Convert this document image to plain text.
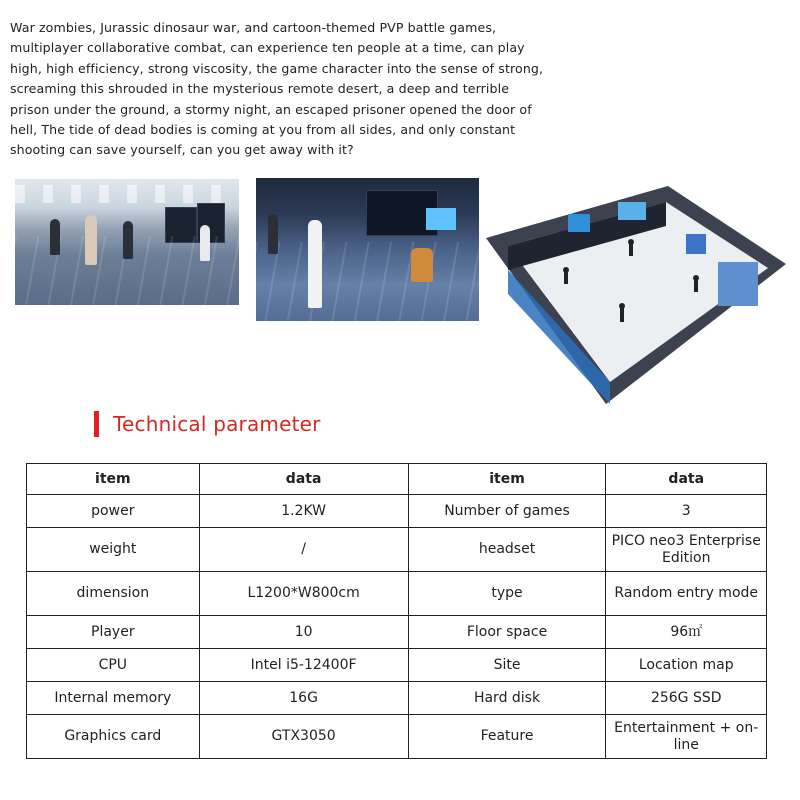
War zombies, Jurassic dinosaur war, and cartoon-themed PVP battle games,
multiplayer collaborative combat, can experience ten people at a time, can play
high, high efficiency, strong viscosity, the game character into the sense of strong,
screaming this shrouded in the mysterious remote desert, a deep and terrible
prison under the ground, a stormy night, an escaped prisoner opened the door of
hell, The tide of dead bodies is coming at you from all sides, and only constant
shooting can save yourself, can you get away with it?
Technical parameter
item	data	item	data
power	1.2KW	Number of games	3
weight	/	headset	PICO neo3 Enterprise Edition
dimension	L1200*W800cm	type	Random entry mode
Player	10	Floor space	96㎡
CPU	Intel i5-12400F	Site	Location map
Internal memory	16G	Hard disk	256G SSD
Graphics card	GTX3050	Feature	Entertainment + on-line
